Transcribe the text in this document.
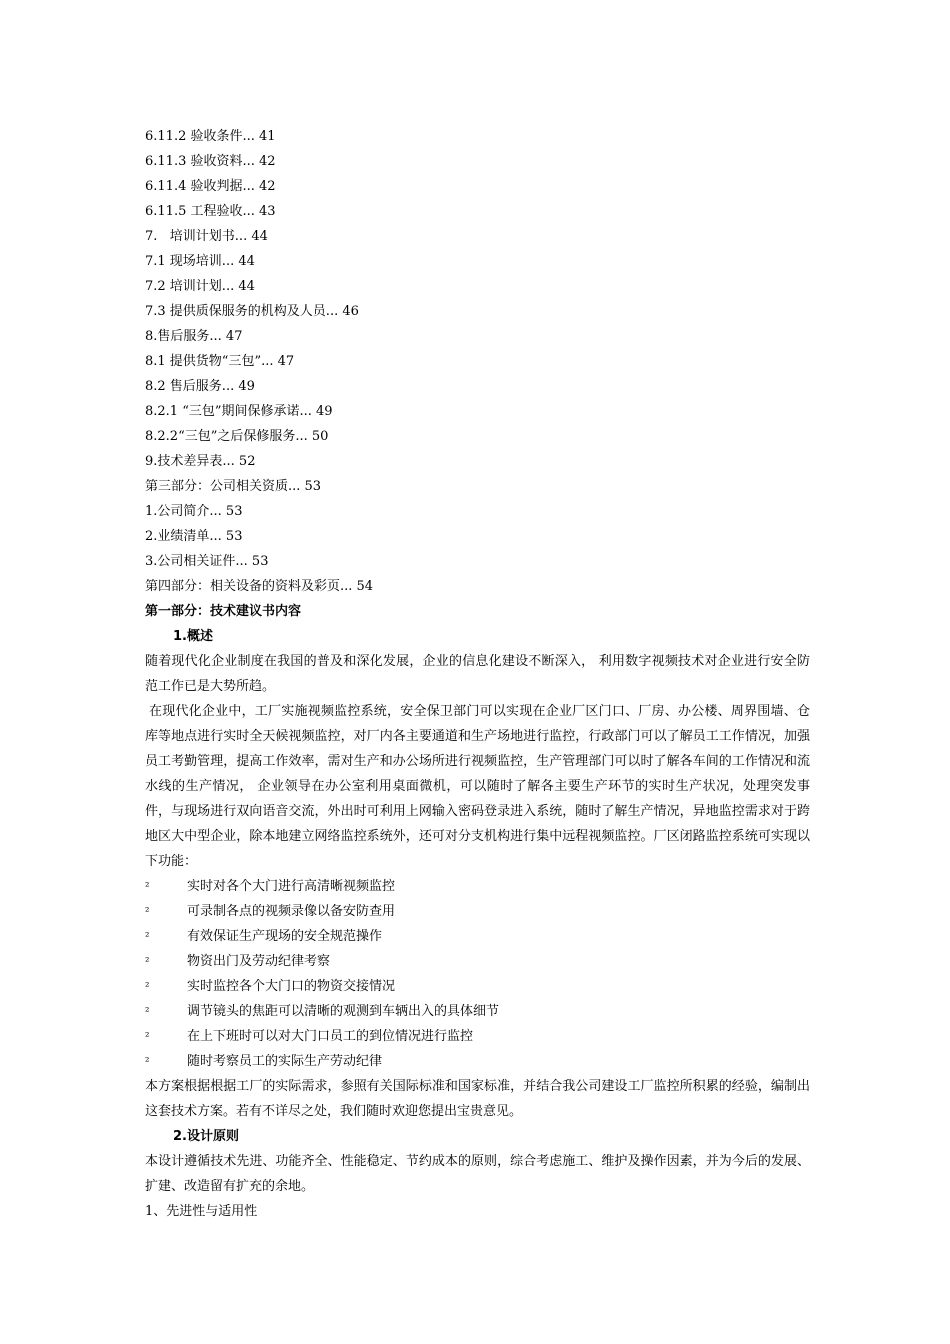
6.11.2 验收条件... 41
6.11.3 验收资料... 42
6.11.4 验收判据... 42
6.11.5 工程验收... 43
7.   培训计划书... 44
7.1 现场培训... 44
7.2 培训计划... 44
7.3 提供质保服务的机构及人员... 46
8.售后服务... 47
8.1 提供货物“三包”... 47
8.2 售后服务... 49
8.2.1 “三包”期间保修承诺... 49
8.2.2“三包”之后保修服务... 50
9.技术差异表... 52
第三部分：公司相关资质... 53
1.公司简介... 53
2.业绩清单... 53
3.公司相关证件... 53
第四部分：相关设备的资料及彩页... 54
第一部分：技术建议书内容
1.概述

随着现代化企业制度在我国的普及和深化发展，企业的信息化建设不断深入， 利用数字视频技术对企业进行安全防范工作已是大势所趋。

在现代化企业中，工厂实施视频监控系统，安全保卫部门可以实现在企业厂区门口、厂房、办公楼、周界围墙、仓库等地点进行实时全天候视频监控，对厂内各主要通道和生产场地进行监控，行政部门可以了解员工工作情况，加强员工考勤管理，提高工作效率，需对生产和办公场所进行视频监控，生产管理部门可以时了解各车间的工作情况和流水线的生产情况， 企业领导在办公室利用桌面微机，可以随时了解各主要生产环节的实时生产状况，处理突发事件，与现场进行双向语音交流，外出时可利用上网输入密码登录进入系统，随时了解生产情况，异地监控需求对于跨地区大中型企业，除本地建立网络监控系统外，还可对分支机构进行集中远程视频监控。厂区闭路监控系统可实现以下功能：

²	实时对各个大门进行高清晰视频监控
²	可录制各点的视频录像以备安防查用
²	有效保证生产现场的安全规范操作
²	物资出门及劳动纪律考察
²	实时监控各个大门口的物资交接情况
²	调节镜头的焦距可以清晰的观测到车辆出入的具体细节
²	在上下班时可以对大门口员工的到位情况进行监控
²	随时考察员工的实际生产劳动纪律

本方案根据根据工厂的实际需求，参照有关国际标准和国家标准，并结合我公司建设工厂监控所积累的经验，编制出这套技术方案。若有不详尽之处，我们随时欢迎您提出宝贵意见。

2.设计原则

本设计遵循技术先进、功能齐全、性能稳定、节约成本的原则，综合考虑施工、维护及操作因素，并为今后的发展、扩建、改造留有扩充的余地。

1、先进性与适用性
